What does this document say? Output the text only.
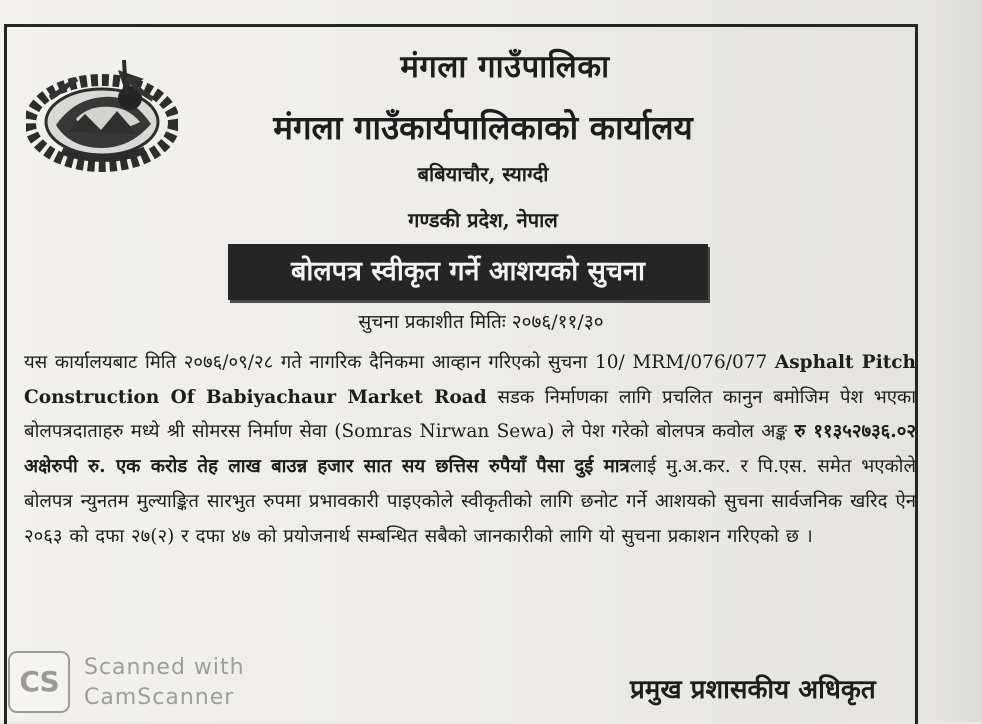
मंगला गाउँपालिका
मंगला गाउँकार्यपालिकाको कार्यालय
बबियाचौर, स्याग्दी
गण्डकी प्रदेश, नेपाल
बोलपत्र स्वीकृत गर्ने आशयको सुचना
सुचना प्रकाशीत मितिः २०७६/११/३०
यस कार्यालयबाट मिति २०७६/०९/२८ गते नागरिक दैनिकमा आव्हान गरिएको सुचना 10/ MRM/076/077 Asphalt Pitch Construction Of Babiyachaur Market Road सडक निर्माणका लागि प्रचलित कानुन बमोजिम पेश भएका बोलपत्रदाताहरु मध्ये श्री सोमरस निर्माण सेवा (Somras Nirwan Sewa) ले पेश गरेको बोलपत्र कवोल अङ्क रु ११३५२७३६.०२ अक्षेरुपी रु. एक करोड तेह लाख बाउन्न हजार सात सय छत्तिस रुपैयाँ पैसा दुई मात्रलाई मु.अ.कर. र पि.एस. समेत भएकोले बोलपत्र न्युनतम मुल्याङ्कित सारभुत रुपमा प्रभावकारी पाइएकोले स्वीकृतीको लागि छनोट गर्ने आशयको सुचना सार्वजनिक खरिद ऐन २०६३ को दफा २७(२) र दफा ४७ को प्रयोजनार्थ सम्बन्धित सबैको जानकारीको लागि यो सुचना प्रकाशन गरिएको छ ।
प्रमुख प्रशासकीय अधिकृत
CS	Scanned with
CamScanner
